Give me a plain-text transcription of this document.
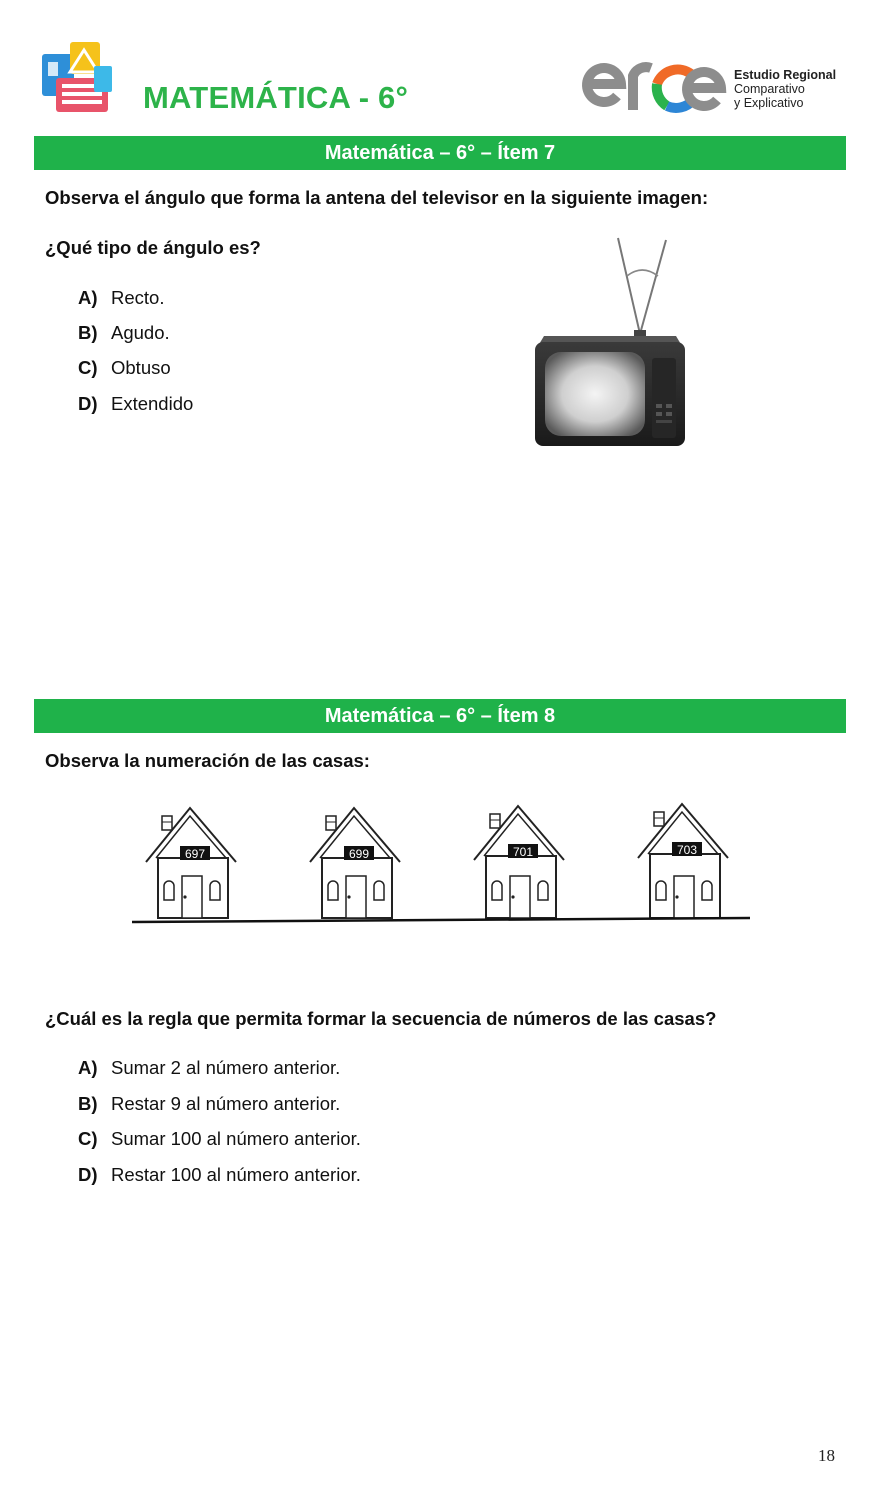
MATEMÁTICA - 6°
Estudio Regional
Comparativo
y Explicativo
Matemática – 6° – Ítem 7
Observa el ángulo que forma la antena del televisor en la siguiente imagen:
¿Qué tipo de ángulo es?
A) Recto.
B) Agudo.
C) Obtuso
D) Extendido
Matemática – 6° – Ítem 8
Observa la numeración de las casas:
697	699	701	703
¿Cuál es la regla que permita formar la secuencia de números de las casas?
A) Sumar 2 al número anterior.
B) Restar 9 al número anterior.
C) Sumar 100 al número anterior.
D) Restar 100 al número anterior.
18
